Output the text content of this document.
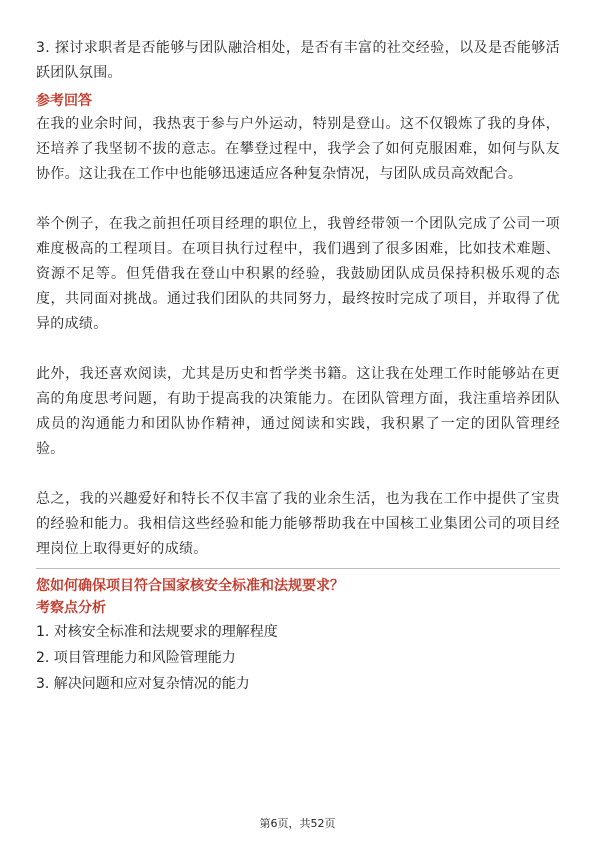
3. 探讨求职者是否能够与团队融洽相处，是否有丰富的社交经验，以及是否能够活跃团队氛围。

参考回答

在我的业余时间，我热衷于参与户外运动，特别是登山。这不仅锻炼了我的身体，还培养了我坚韧不拔的意志。在攀登过程中，我学会了如何克服困难，如何与队友协作。这让我在工作中也能够迅速适应各种复杂情况，与团队成员高效配合。

举个例子，在我之前担任项目经理的职位上，我曾经带领一个团队完成了公司一项难度极高的工程项目。在项目执行过程中，我们遇到了很多困难，比如技术难题、资源不足等。但凭借我在登山中积累的经验，我鼓励团队成员保持积极乐观的态度，共同面对挑战。通过我们团队的共同努力，最终按时完成了项目，并取得了优异的成绩。

此外，我还喜欢阅读，尤其是历史和哲学类书籍。这让我在处理工作时能够站在更高的角度思考问题，有助于提高我的决策能力。在团队管理方面，我注重培养团队成员的沟通能力和团队协作精神，通过阅读和实践，我积累了一定的团队管理经验。

总之，我的兴趣爱好和特长不仅丰富了我的业余生活，也为我在工作中提供了宝贵的经验和能力。我相信这些经验和能力能够帮助我在中国核工业集团公司的项目经理岗位上取得更好的成绩。

您如何确保项目符合国家核安全标准和法规要求？
考察点分析
1. 对核安全标准和法规要求的理解程度
2. 项目管理能力和风险管理能力
3. 解决问题和应对复杂情况的能力
第6页，共52页
